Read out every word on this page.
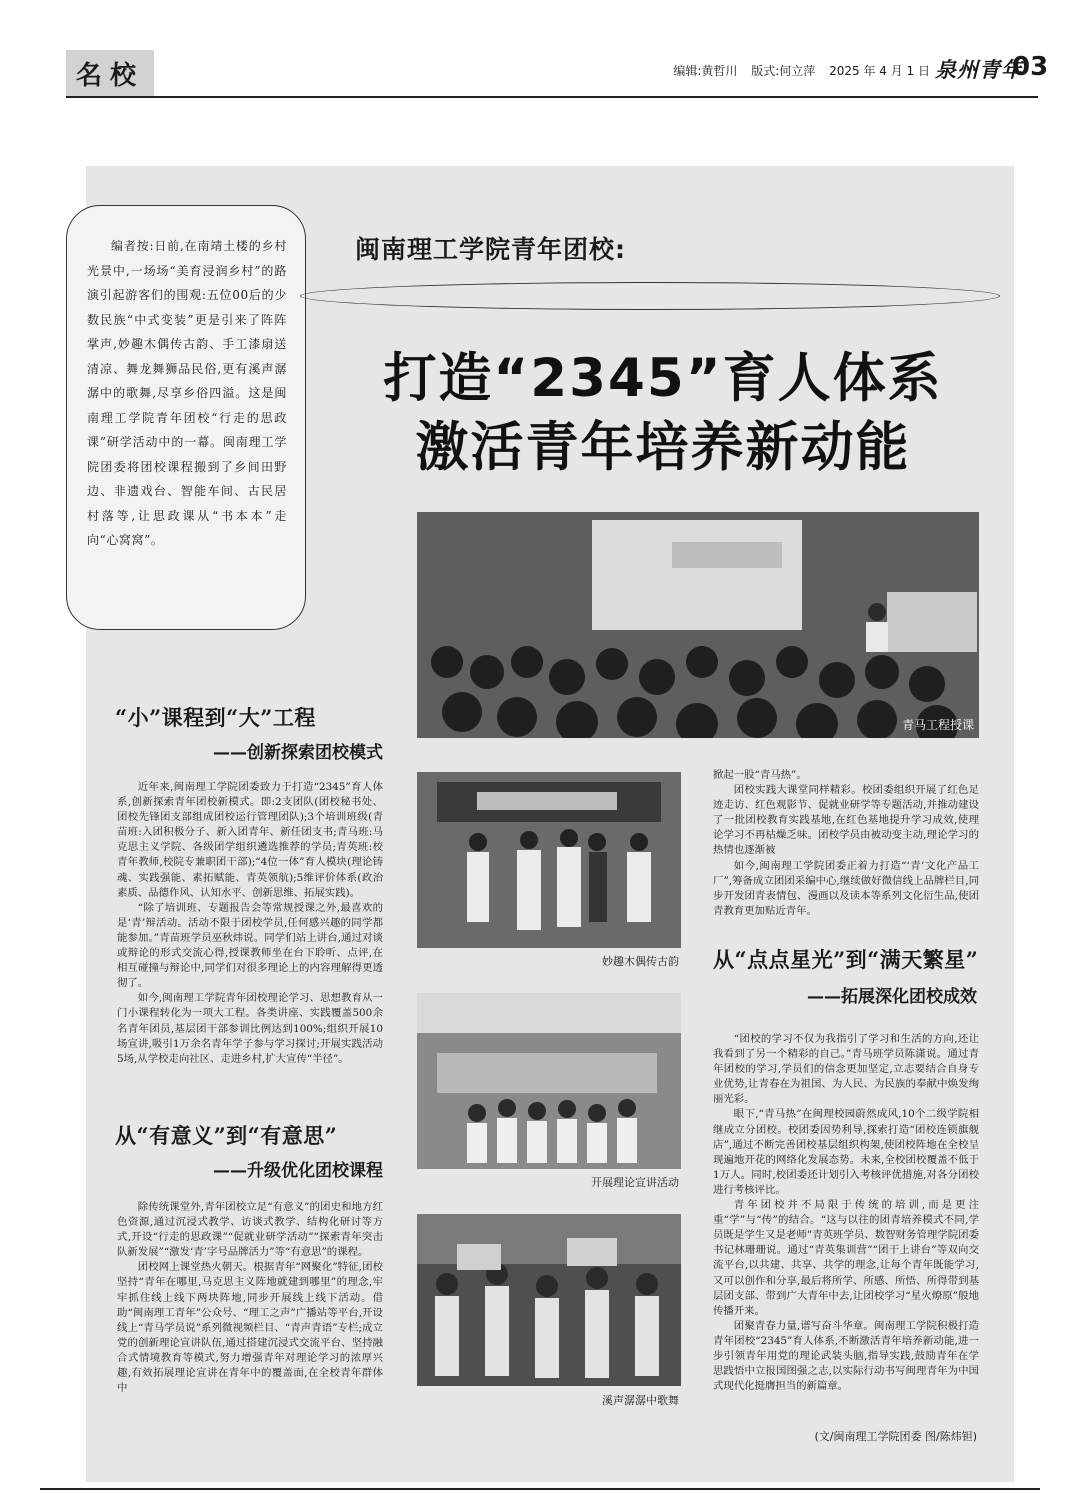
名校	编辑:黄哲川 版式:何立萍 2025 年 4 月 1 日 泉州青年
03

编者按:日前,在南靖土楼的乡村光景中,一场场“美育浸润乡村”的路演引起游客们的围观:五位00后的少数民族“中式变装”更是引来了阵阵掌声,妙趣木偶传古韵、手工漆扇送清凉、舞龙舞狮品民俗,更有溪声潺潺中的歌舞,尽享乡俗四溢。这是闽南理工学院青年团校“行走的思政课”研学活动中的一幕。闽南理工学院团委将团校课程搬到了乡间田野边、非遗戏台、智能车间、古民居村落等,让思政课从“书本本”走向“心窝窝”。

闽南理工学院青年团校:
打造“2345”育人体系
激活青年培养新动能
青马工程授课
“小”课程到“大”工程
——创新探索团校模式

近年来,闽南理工学院团委致力于打造“2345”育人体系,创新探索青年团校新模式。即:2支团队(团校秘书处、团校先锋团支部组成团校运行管理团队);3个培训班级(青苗班:入团积极分子、新入团青年、新任团支书;青马班:马克思主义学院、各级团学组织遴选推荐的学员;青英班:校青年教师,校院专兼职团干部);“4位一体”育人模块(理论铸魂、实践强能、素拓赋能、青英领航);5维评价体系(政治素质、品德作风、认知水平、创新思维、拓展实践)。

“除了培训班、专题报告会等常规授课之外,最喜欢的是‘青’辩活动。活动不限于团校学员,任何感兴趣的同学都能参加。”青苗班学员巫秋炜说。同学们站上讲台,通过对谈或辩论的形式交流心得,授课教师坐在台下聆听、点评,在相互碰撞与辩论中,同学们对很多理论上的内容理解得更透彻了。

如今,闽南理工学院青年团校理论学习、思想教育从一门小课程转化为一项大工程。各类讲座、实践覆盖500余名青年团员,基层团干部参训比例达到100%;组织开展10场宣讲,吸引1万余名青年学子参与学习探讨;开展实践活动5场,从学校走向社区、走进乡村,扩大宣传“半径”。

从“有意义”到“有意思”
——升级优化团校课程

除传统课堂外,青年团校立足“有意义”的团史和地方红色资源,通过沉浸式教学、访谈式教学、结构化研讨等方式,开设“行走的思政课”“促就业研学活动”“探索青年突击队新发展”“激发‘青’字号品牌活力”等“有意思”的课程。

团校网上课堂热火朝天。根据青年“网聚化”特征,团校坚持“青年在哪里,马克思主义阵地就建到哪里”的理念,牢牢抓住线上线下两块阵地,同步开展线上线下活动。借助“闽南理工青年”公众号、“理工之声”广播站等平台,开设线上“青马学员说”系列微视频栏目、“青声青语”专栏;成立党的创新理论宣讲队伍,通过搭建沉浸式交流平台、坚持融合式情境教育等模式,努力增强青年对理论学习的浓厚兴趣,有效拓展理论宣讲在青年中的覆盖面,在全校青年群体中

妙趣木偶传古韵
开展理论宣讲活动
溪声潺潺中歌舞

掀起一股“青马热”。

团校实践大课堂同样精彩。校团委组织开展了红色足迹走访、红色观影节、促就业研学等专题活动,并推动建设了一批团校教育实践基地,在红色基地提升学习成效,使理论学习不再枯燥乏味。团校学员由被动变主动,理论学习的热情也逐渐被

如今,闽南理工学院团委正着力打造“‘青’文化产品工厂”,筹备成立团团采编中心,继续做好微信线上品牌栏目,同步开发团青表情包、漫画以及读本等系列文化衍生品,使团青教育更加贴近青年。

从“点点星光”到“满天繁星”
——拓展深化团校成效

“团校的学习不仅为我指引了学习和生活的方向,还让我看到了另一个精彩的自己。”青马班学员陈潇说。通过青年团校的学习,学员们的信念更加坚定,立志要结合自身专业优势,让青春在为祖国、为人民、为民族的奉献中焕发绚丽光彩。

眼下,“青马热”在闽理校园蔚然成风,10个二级学院相继成立分团校。校团委因势利导,探索打造“团校连锁旗舰店”,通过不断完善团校基层组织构架,使团校阵地在全校呈现遍地开花的网络化发展态势。未来,全校团校覆盖不低于1万人。同时,校团委还计划引入考核评优措施,对各分团校进行考核评比。

青年团校并不局限于传统的培训,而是更注重“学”与“传”的结合。“这与以往的团青培养模式不同,学员既是学生又是老师”青英班学员、数智财务管理学院团委书记林珊珊说。通过“青英集训营”“团干上讲台”等双向交流平台,以共建、共享、共学的理念,让每个青年既能学习,又可以创作和分享,最后将所学、所感、所悟、所得带到基层团支部、带到广大青年中去,让团校学习“星火燎原”般地传播开来。

团聚青春力量,谱写奋斗华章。闽南理工学院积极打造青年团校“2345”育人体系,不断激活青年培养新动能,进一步引领青年用党的理论武装头脑,指导实践,鼓励青年在学思践悟中立报国图强之志,以实际行动书写闽理青年为中国式现代化挺膺担当的新篇章。

(文/闽南理工学院团委 图/陈炜钽)
